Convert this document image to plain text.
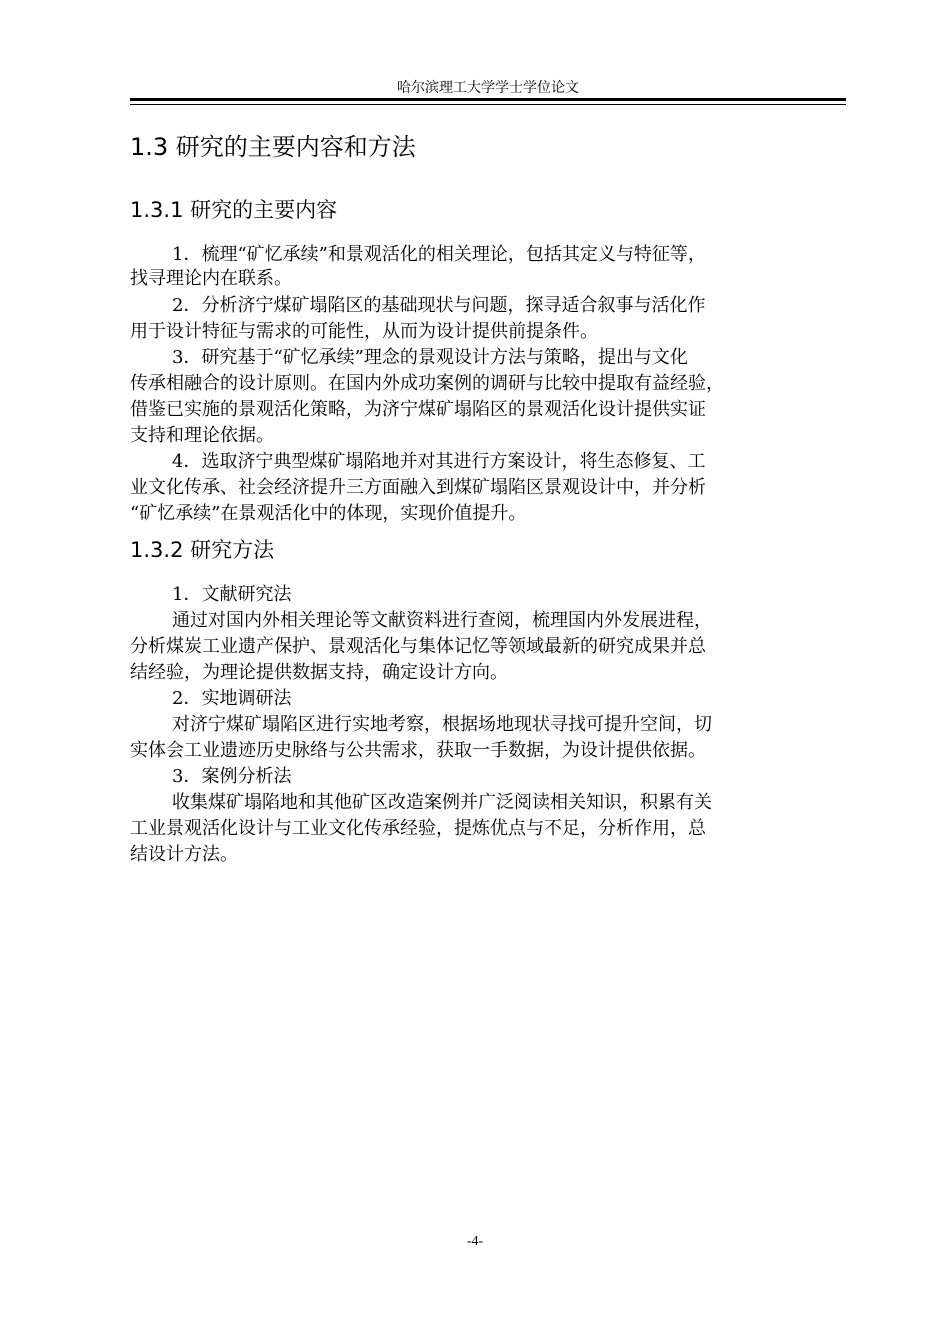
哈尔滨理工大学学士学位论文
1.3 研究的主要内容和方法
1.3.1 研究的主要内容
1．梳理“矿忆承续”和景观活化的相关理论，包括其定义与特征等，
找寻理论内在联系。
2．分析济宁煤矿塌陷区的基础现状与问题，探寻适合叙事与活化作
用于设计特征与需求的可能性，从而为设计提供前提条件。
3．研究基于“矿忆承续”理念的景观设计方法与策略，提出与文化
传承相融合的设计原则。在国内外成功案例的调研与比较中提取有益经验，
借鉴已实施的景观活化策略，为济宁煤矿塌陷区的景观活化设计提供实证
支持和理论依据。
4．选取济宁典型煤矿塌陷地并对其进行方案设计，将生态修复、工
业文化传承、社会经济提升三方面融入到煤矿塌陷区景观设计中，并分析
“矿忆承续”在景观活化中的体现，实现价值提升。
1.3.2 研究方法
1．文献研究法
通过对国内外相关理论等文献资料进行查阅，梳理国内外发展进程，
分析煤炭工业遗产保护、景观活化与集体记忆等领域最新的研究成果并总
结经验，为理论提供数据支持，确定设计方向。
2．实地调研法
对济宁煤矿塌陷区进行实地考察，根据场地现状寻找可提升空间，切
实体会工业遗迹历史脉络与公共需求，获取一手数据，为设计提供依据。
3．案例分析法
收集煤矿塌陷地和其他矿区改造案例并广泛阅读相关知识，积累有关
工业景观活化设计与工业文化传承经验，提炼优点与不足，分析作用，总
结设计方法。
-4-
